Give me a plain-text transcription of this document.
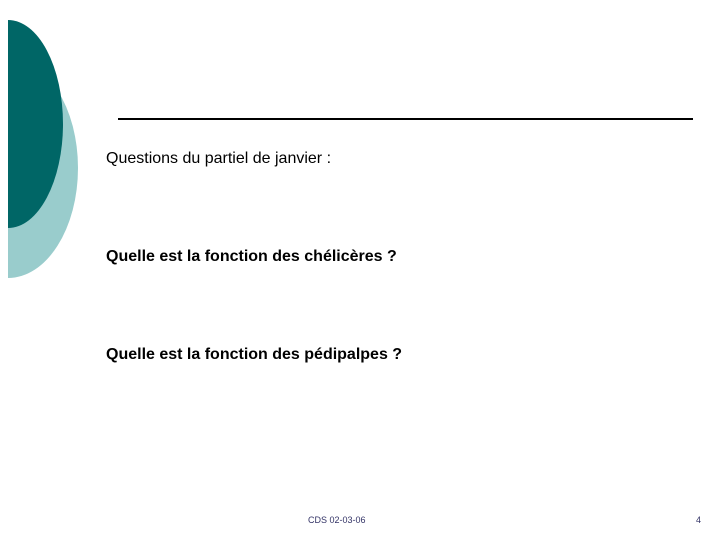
Questions du partiel de janvier :
Quelle est la fonction des chélicères ?
Quelle est la fonction des pédipalpes ?
CDS 02-03-06	4
